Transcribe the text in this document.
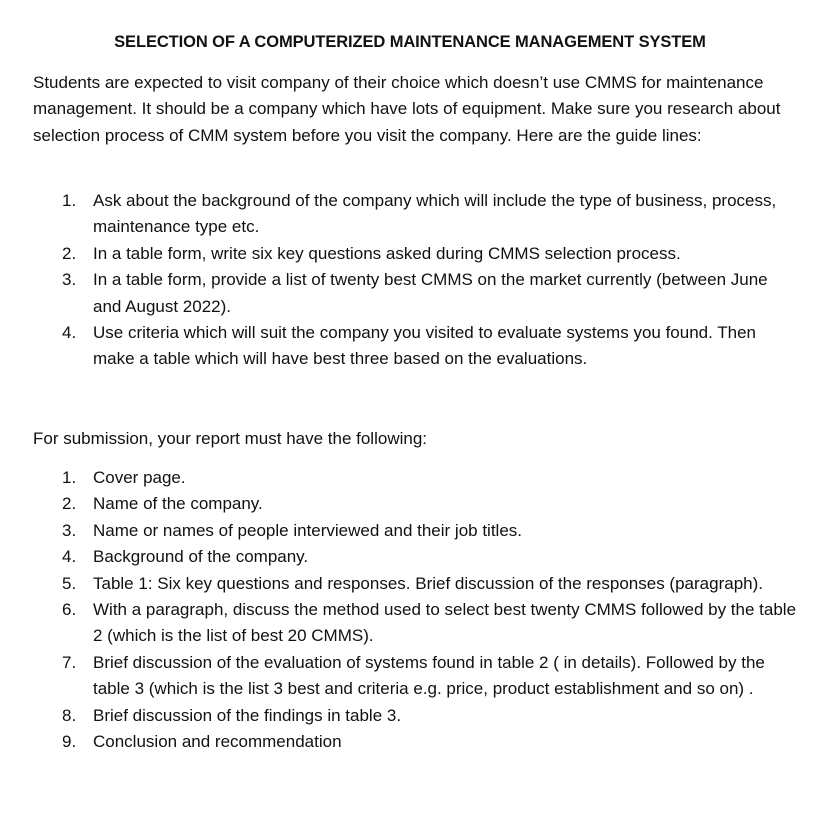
SELECTION OF A COMPUTERIZED MAINTENANCE MANAGEMENT SYSTEM
Students are expected to visit company of their choice which doesn’t use CMMS for maintenance management. It should be a company which have lots of equipment. Make sure you research about selection process of CMM system before you visit the company. Here are the guide lines:
1. Ask about the background of the company which will include the type of business, process, maintenance type etc.
2. In a table form, write six key questions asked during CMMS selection process.
3. In a table form, provide a list of twenty best CMMS on the market currently (between June and August 2022).
4. Use criteria which will suit the company you visited to evaluate systems you found. Then make a table which will have best three based on the evaluations.
For submission, your report must have the following:
1. Cover page.
2. Name of the company.
3. Name or names of people interviewed and their job titles.
4. Background of the company.
5. Table 1: Six key questions and responses. Brief discussion of the responses (paragraph).
6. With a paragraph, discuss the method used to select best twenty CMMS followed by the table 2 (which is the list of best 20 CMMS).
7. Brief discussion of the evaluation of systems found in table 2 ( in details). Followed by the table 3 (which is the list 3 best and criteria e.g. price, product establishment and so on) .
8. Brief discussion of the findings in table 3.
9. Conclusion and recommendation
